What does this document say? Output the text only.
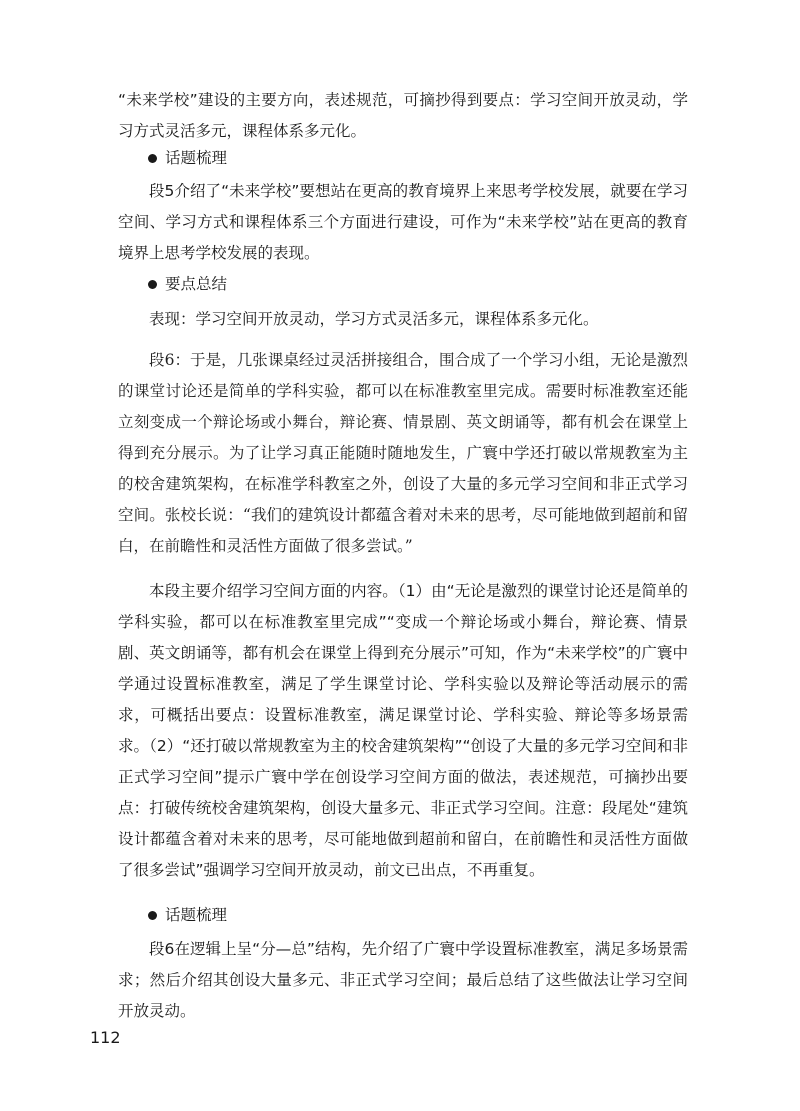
“未来学校”建设的主要方向，表述规范，可摘抄得到要点：学习空间开放灵动，学习方式灵活多元，课程体系多元化。

话题梳理

段5介绍了“未来学校”要想站在更高的教育境界上来思考学校发展，就要在学习空间、学习方式和课程体系三个方面进行建设，可作为“未来学校”站在更高的教育境界上思考学校发展的表现。

要点总结

表现：学习空间开放灵动，学习方式灵活多元，课程体系多元化。

段6：于是，几张课桌经过灵活拼接组合，围合成了一个学习小组，无论是激烈的课堂讨论还是简单的学科实验，都可以在标准教室里完成。需要时标准教室还能立刻变成一个辩论场或小舞台，辩论赛、情景剧、英文朗诵等，都有机会在课堂上得到充分展示。为了让学习真正能随时随地发生，广寰中学还打破以常规教室为主的校舍建筑架构，在标准学科教室之外，创设了大量的多元学习空间和非正式学习空间。张校长说：“我们的建筑设计都蕴含着对未来的思考，尽可能地做到超前和留白，在前瞻性和灵活性方面做了很多尝试。”

本段主要介绍学习空间方面的内容。（1）由“无论是激烈的课堂讨论还是简单的学科实验，都可以在标准教室里完成”“变成一个辩论场或小舞台，辩论赛、情景剧、英文朗诵等，都有机会在课堂上得到充分展示”可知，作为“未来学校”的广寰中学通过设置标准教室，满足了学生课堂讨论、学科实验以及辩论等活动展示的需求，可概括出要点：设置标准教室，满足课堂讨论、学科实验、辩论等多场景需求。（2）“还打破以常规教室为主的校舍建筑架构”“创设了大量的多元学习空间和非正式学习空间”提示广寰中学在创设学习空间方面的做法，表述规范，可摘抄出要点：打破传统校舍建筑架构，创设大量多元、非正式学习空间。注意：段尾处“建筑设计都蕴含着对未来的思考，尽可能地做到超前和留白，在前瞻性和灵活性方面做了很多尝试”强调学习空间开放灵动，前文已出点，不再重复。

话题梳理

段6在逻辑上呈“分—总”结构，先介绍了广寰中学设置标准教室，满足多场景需求；然后介绍其创设大量多元、非正式学习空间；最后总结了这些做法让学习空间开放灵动。

112
